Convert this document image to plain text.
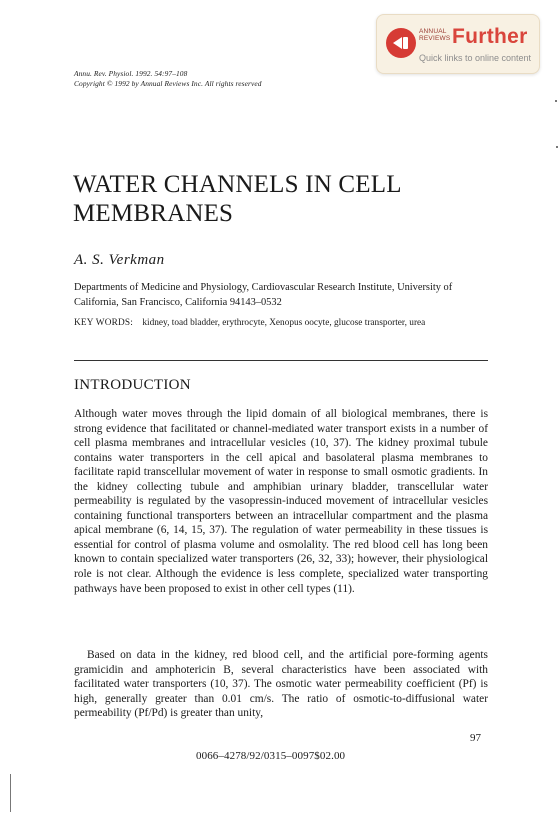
ANNUAL
REVIEWS Further
Quick links to online content
Annu. Rev. Physiol. 1992. 54:97–108
Copyright © 1992 by Annual Reviews Inc. All rights reserved
WATER CHANNELS IN CELL MEMBRANES
A. S. Verkman
Departments of Medicine and Physiology, Cardiovascular Research Institute, University of California, San Francisco, California 94143–0532
KEY WORDS: kidney, toad bladder, erythrocyte, Xenopus oocyte, glucose transporter, urea
INTRODUCTION
Although water moves through the lipid domain of all biological membranes, there is strong evidence that facilitated or channel-mediated water transport exists in a number of cell plasma membranes and intracellular vesicles (10, 37). The kidney proximal tubule contains water transporters in the cell apical and basolateral plasma membranes to facilitate rapid transcellular movement of water in response to small osmotic gradients. In the kidney collecting tubule and amphibian urinary bladder, transcellular water permeability is regulated by the vasopressin-induced movement of intracellular vesicles containing functional transporters between an intracellular compartment and the plasma apical membrane (6, 14, 15, 37). The regulation of water permeability in these tissues is essential for control of plasma volume and osmolality. The red blood cell has long been known to contain specialized water transporters (26, 32, 33); however, their physiological role is not clear. Although the evidence is less complete, specialized water transporting pathways have been proposed to exist in other cell types (11).
Based on data in the kidney, red blood cell, and the artificial pore-forming agents gramicidin and amphotericin B, several characteristics have been associated with facilitated water transporters (10, 37). The osmotic water permeability coefficient (Pf) is high, generally greater than 0.01 cm/s. The ratio of osmotic-to-diffusional water permeability (Pf/Pd) is greater than unity,
97
0066–4278/92/0315–0097$02.00
